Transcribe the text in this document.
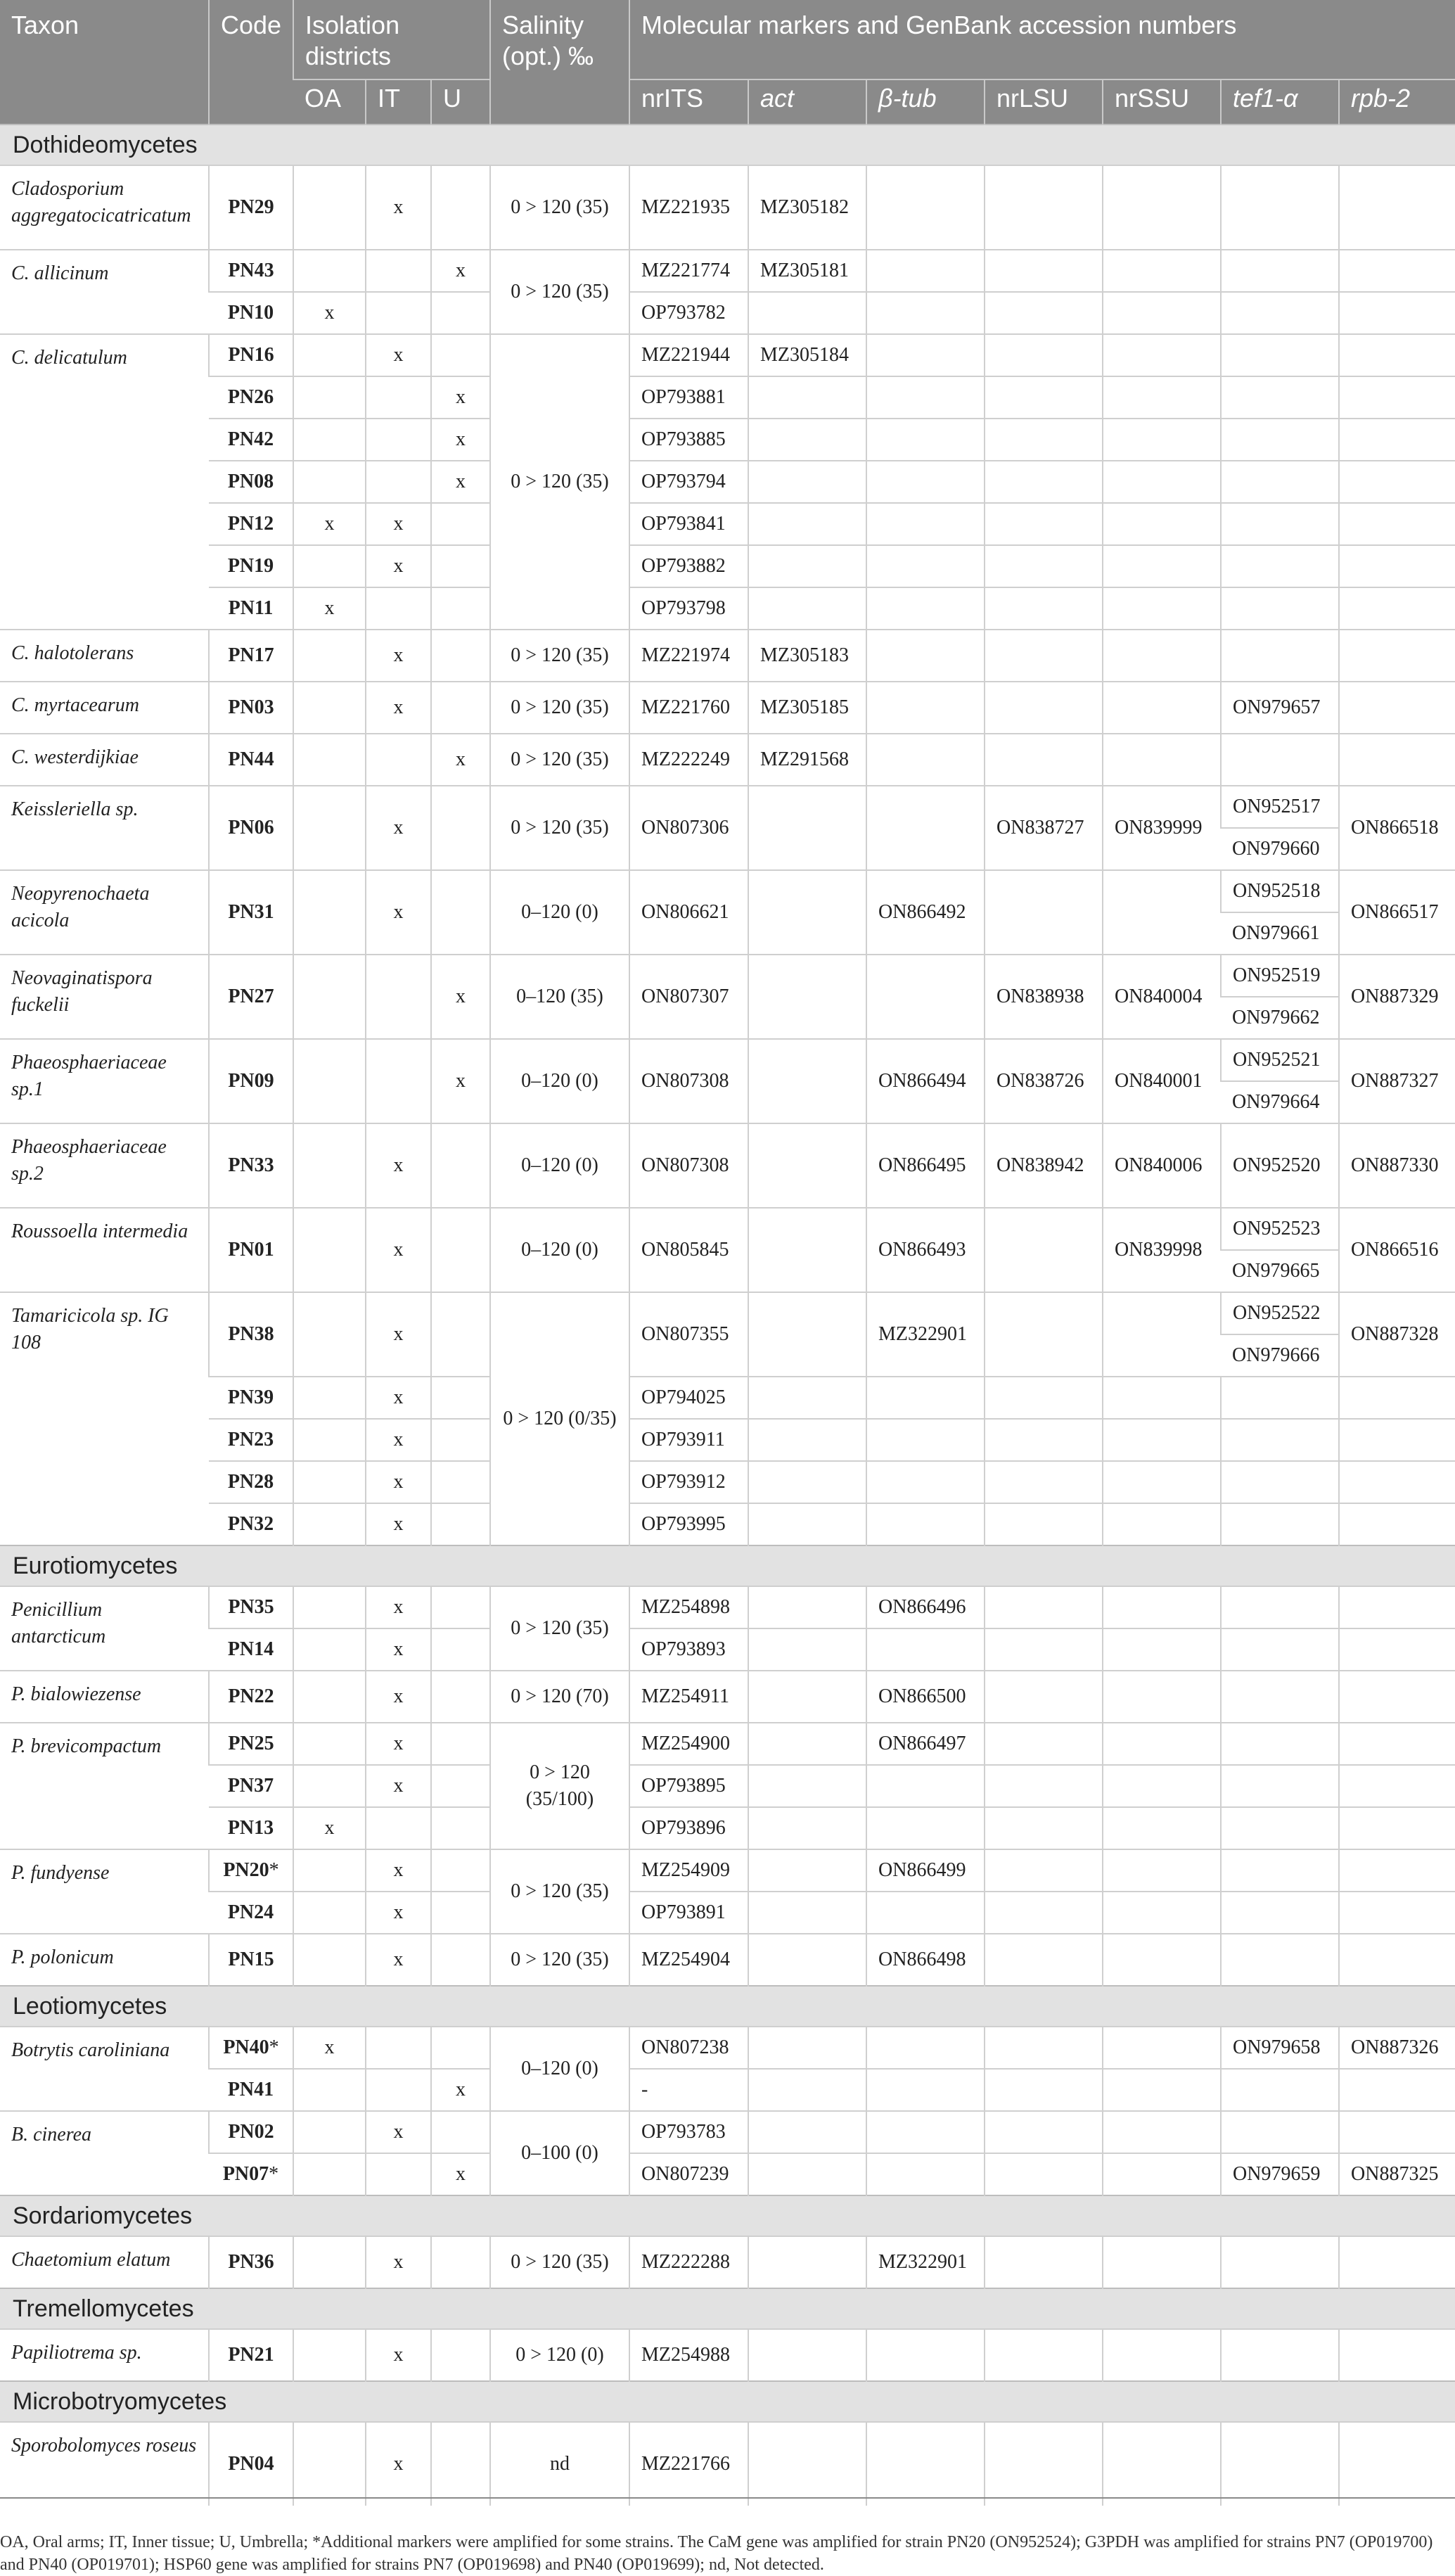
Taxon	Code	Isolation districts			Salinity (opt.) ‰	Molecular markers and GenBank accession numbers						
		OA	IT	U		nrITS	act	β-tub	nrLSU	nrSSU	tef1-α	rpb-2
Dothideomycetes												
Cladosporium aggregatocicatricatum	PN29		x		0 > 120 (35)	MZ221935	MZ305182					
C. allicinum	PN43			x	0 > 120 (35)	MZ221774	MZ305181					
	PN10	x				OP793782						
C. delicatulum	PN16		x		0 > 120 (35)	MZ221944	MZ305184					
	PN26			x		OP793881						
	PN42			x		OP793885						
	PN08			x		OP793794						
	PN12	x	x			OP793841						
	PN19		x			OP793882						
	PN11	x				OP793798						
C. halotolerans	PN17		x		0 > 120 (35)	MZ221974	MZ305183					
C. myrtacearum	PN03		x		0 > 120 (35)	MZ221760	MZ305185				ON979657	
C. westerdijkiae	PN44			x	0 > 120 (35)	MZ222249	MZ291568					
Keissleriella sp.	PN06		x		0 > 120 (35)	ON807306			ON838727	ON839999	ON952517	ON866518
											ON979660	
Neopyrenochaeta acicola	PN31		x		0–120 (0)	ON806621		ON866492			ON952518	ON866517
											ON979661	
Neovaginatispora fuckelii	PN27			x	0–120 (35)	ON807307			ON838938	ON840004	ON952519	ON887329
											ON979662	
Phaeosphaeriaceae sp.1	PN09			x	0–120 (0)	ON807308		ON866494	ON838726	ON840001	ON952521	ON887327
											ON979664	
Phaeosphaeriaceae sp.2	PN33		x		0–120 (0)	ON807308		ON866495	ON838942	ON840006	ON952520	ON887330
Roussoella intermedia	PN01		x		0–120 (0)	ON805845		ON866493		ON839998	ON952523	ON866516
											ON979665	
Tamaricicola sp. IG 108	PN38		x		0 > 120 (0/35)	ON807355		MZ322901			ON952522	ON887328
											ON979666	
	PN39		x			OP794025						
	PN23		x			OP793911						
	PN28		x			OP793912						
	PN32		x			OP793995						
Eurotiomycetes												
Penicillium antarcticum	PN35		x		0 > 120 (35)	MZ254898		ON866496				
	PN14		x			OP793893						
P. bialowiezense	PN22		x		0 > 120 (70)	MZ254911		ON866500				
P. brevicompactum	PN25		x		0 > 120 (35/100)	MZ254900		ON866497				
	PN37		x			OP793895						
	PN13	x				OP793896						
P. fundyense	PN20*		x		0 > 120 (35)	MZ254909		ON866499				
	PN24		x			OP793891						
P. polonicum	PN15		x		0 > 120 (35)	MZ254904		ON866498				
Leotiomycetes												
Botrytis caroliniana	PN40*	x			0–120 (0)	ON807238					ON979658	ON887326
	PN41			x		-						
B. cinerea	PN02		x		0–100 (0)	OP793783						
	PN07*			x		ON807239					ON979659	ON887325
Sordariomycetes												
Chaetomium elatum	PN36		x		0 > 120 (35)	MZ222288		MZ322901				
Tremellomycetes												
Papiliotrema sp.	PN21		x		0 > 120 (0)	MZ254988						
Microbotryomycetes												
Sporobolomyces roseus	PN04		x		nd	MZ221766						
OA, Oral arms; IT, Inner tissue; U, Umbrella; *Additional markers were amplified for some strains. The CaM gene was amplified for strain PN20 (ON952524); G3PDH was amplified for strains PN7 (OP019700) and PN40 (OP019701); HSP60 gene was amplified for strains PN7 (OP019698) and PN40 (OP019699); nd, Not detected.
